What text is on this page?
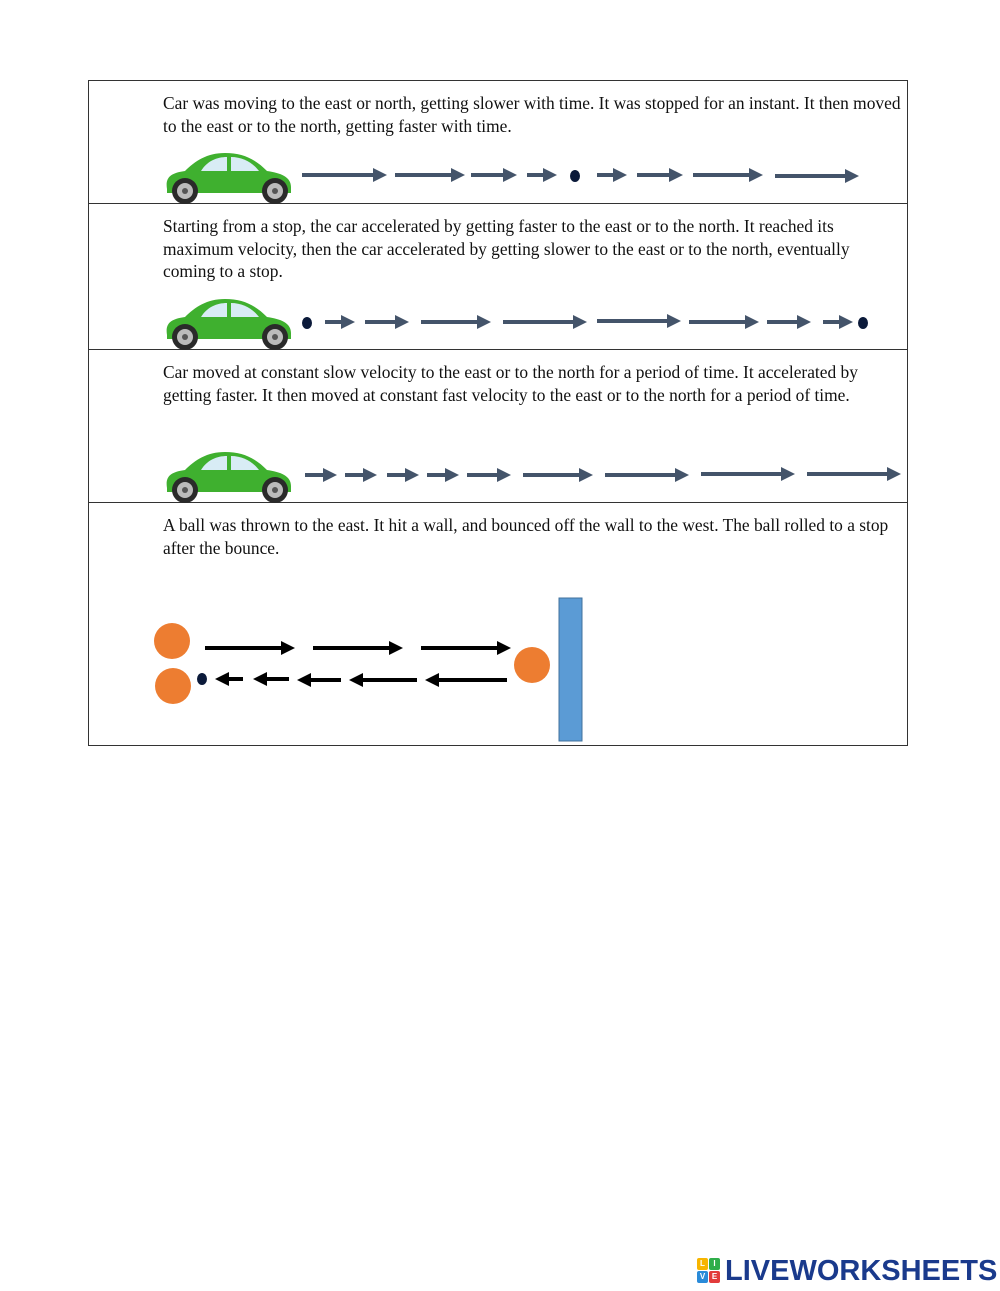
Car was moving to the east or north, getting slower with time. It was stopped for an instant. It then moved to the east or to the north, getting faster with time.

Starting from a stop, the car accelerated by getting faster to the east or to the north. It reached its maximum velocity, then the car accelerated by getting slower to the east or to the north, eventually coming to a stop.

Car moved at constant slow velocity to the east or to the north for a period of time. It accelerated by getting faster. It then moved at constant fast velocity to the east or to the north for a period of time.

A ball was thrown to the east. It hit a wall, and bounced off the wall to the west. The ball rolled to a stop after the bounce.

L	I
V E LIVEWORKSHEETS
